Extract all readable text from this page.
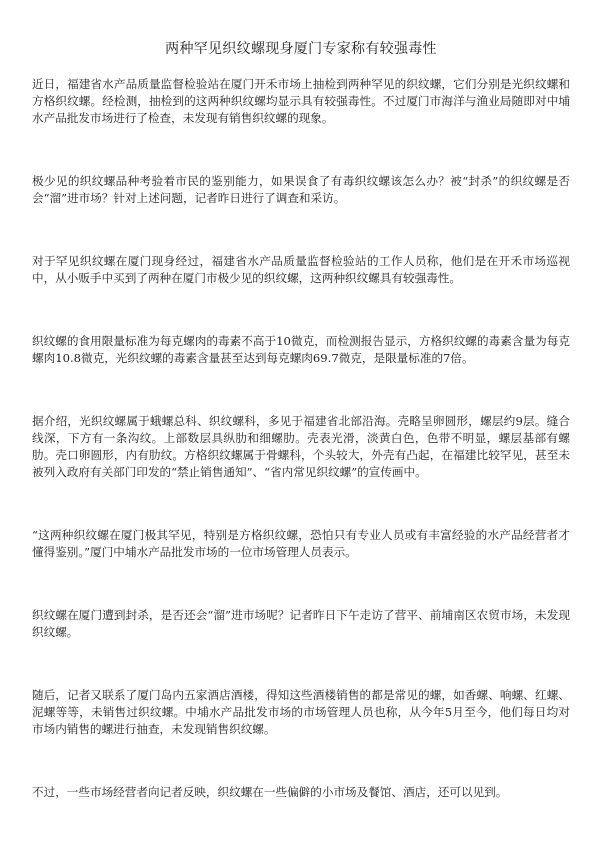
两种罕见织纹螺现身厦门专家称有较强毒性

近日，福建省水产品质量监督检验站在厦门开禾市场上抽检到两种罕见的织纹螺，它们分别是光织纹螺和方格织纹螺。经检测，抽检到的这两种织纹螺均显示具有较强毒性。不过厦门市海洋与渔业局随即对中埔水产品批发市场进行了检查，未发现有销售织纹螺的现象。

极少见的织纹螺品种考验着市民的鉴别能力，如果误食了有毒织纹螺该怎么办？被“封杀”的织纹螺是否会“溜”进市场？针对上述问题，记者昨日进行了调查和采访。

对于罕见织纹螺在厦门现身经过，福建省水产品质量监督检验站的工作人员称，他们是在开禾市场巡视中，从小贩手中买到了两种在厦门市极少见的织纹螺，这两种织纹螺具有较强毒性。

织纹螺的食用限量标准为每克螺肉的毒素不高于10微克，而检测报告显示，方格织纹螺的毒素含量为每克螺肉10.8微克，光织纹螺的毒素含量甚至达到每克螺肉69.7微克，是限量标准的7倍。

据介绍，光织纹螺属于蛾螺总科、织纹螺科，多见于福建省北部沿海。壳略呈卵圆形，螺层约9层。缝合线深，下方有一条沟纹。上部数层具纵肋和细螺肋。壳表光滑，淡黄白色，色带不明显，螺层基部有螺肋。壳口卵圆形，内有肋纹。方格织纹螺属于骨螺科，个头较大，外壳有凸起，在福建比较罕见，甚至未被列入政府有关部门印发的“禁止销售通知”、“省内常见织纹螺”的宣传画中。

“这两种织纹螺在厦门极其罕见，特别是方格织纹螺，恐怕只有专业人员或有丰富经验的水产品经营者才懂得鉴别。”厦门中埔水产品批发市场的一位市场管理人员表示。

织纹螺在厦门遭到封杀，是否还会“溜”进市场呢？记者昨日下午走访了营平、前埔南区农贸市场，未发现织纹螺。

随后，记者又联系了厦门岛内五家酒店酒楼，得知这些酒楼销售的都是常见的螺，如香螺、响螺、红螺、泥螺等等，未销售过织纹螺。中埔水产品批发市场的市场管理人员也称，从今年5月至今，他们每日均对市场内销售的螺进行抽查，未发现销售织纹螺。

不过，一些市场经营者向记者反映，织纹螺在一些偏僻的小市场及餐馆、酒店，还可以见到。
